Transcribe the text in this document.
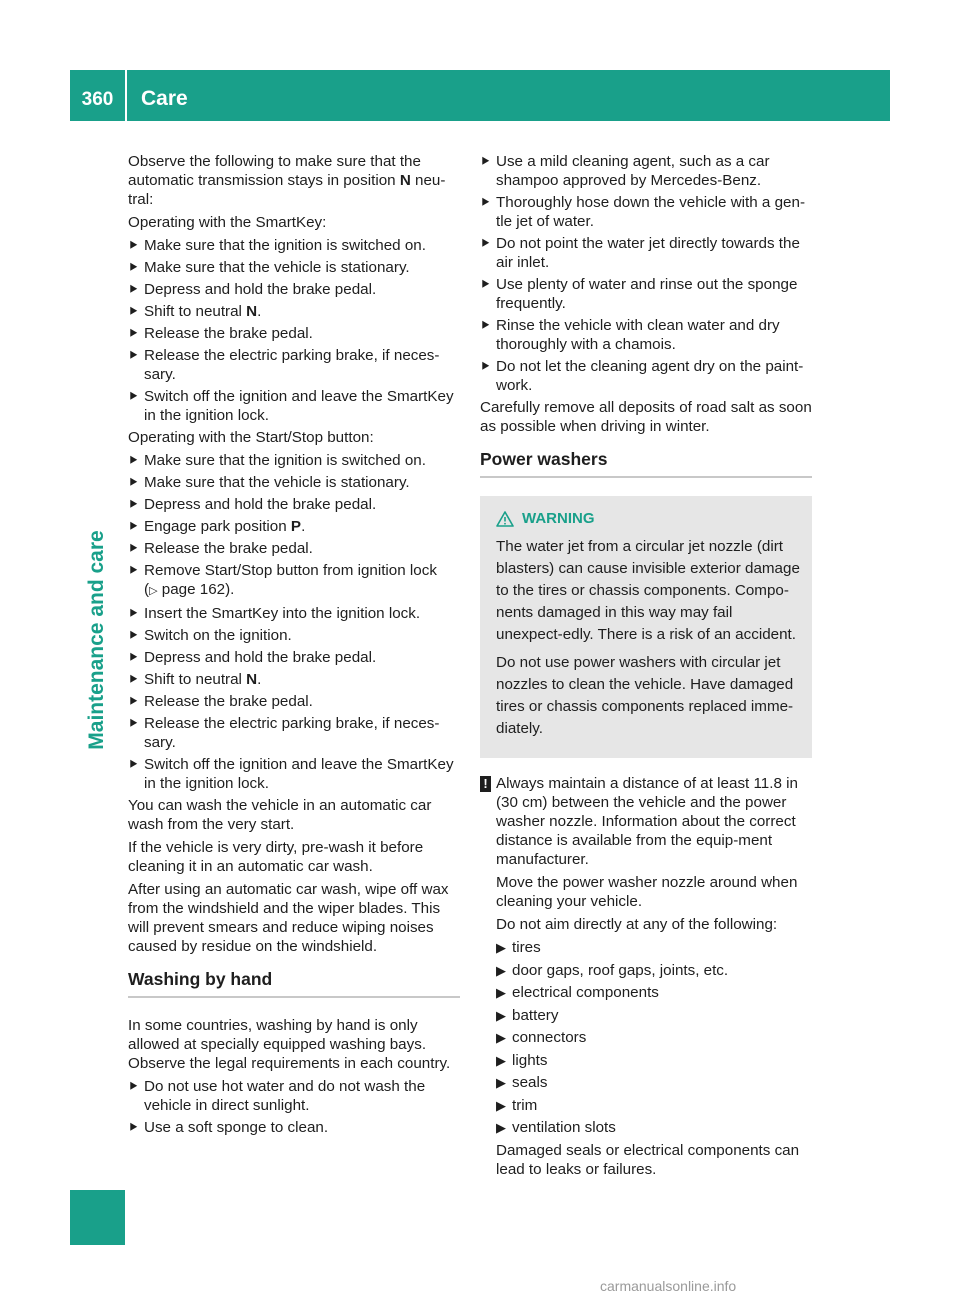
360	Care
Maintenance and care

Observe the following to make sure that the automatic transmission stays in position N neu-tral:

Operating with the SmartKey:

⯈ Make sure that the ignition is switched on.
⯈ Make sure that the vehicle is stationary.
⯈ Depress and hold the brake pedal.
⯈ Shift to neutral N.
⯈ Release the brake pedal.
⯈ Release the electric parking brake, if neces-sary.
⯈ Switch off the ignition and leave the SmartKey in the ignition lock.

Operating with the Start/Stop button:

⯈ Make sure that the ignition is switched on.
⯈ Make sure that the vehicle is stationary.
⯈ Depress and hold the brake pedal.
⯈ Engage park position P.
⯈ Release the brake pedal.
⯈ Remove Start/Stop button from ignition lock
(▷ page 162).
⯈ Insert the SmartKey into the ignition lock.
⯈ Switch on the ignition.
⯈ Depress and hold the brake pedal.
⯈ Shift to neutral N.
⯈ Release the brake pedal.
⯈ Release the electric parking brake, if neces-sary.
⯈ Switch off the ignition and leave the SmartKey in the ignition lock.

You can wash the vehicle in an automatic car wash from the very start.

If the vehicle is very dirty, pre-wash it before cleaning it in an automatic car wash.

After using an automatic car wash, wipe off wax from the windshield and the wiper blades. This will prevent smears and reduce wiping noises caused by residue on the windshield.

Washing by hand

In some countries, washing by hand is only allowed at specially equipped washing bays. Observe the legal requirements in each country.

⯈ Do not use hot water and do not wash the vehicle in direct sunlight.
⯈ Use a soft sponge to clean.
⯈ Use a mild cleaning agent, such as a car shampoo approved by Mercedes-Benz.
⯈ Thoroughly hose down the vehicle with a gen-tle jet of water.
⯈ Do not point the water jet directly towards the air inlet.
⯈ Use plenty of water and rinse out the sponge frequently.
⯈ Rinse the vehicle with clean water and dry thoroughly with a chamois.
⯈ Do not let the cleaning agent dry on the paint-work.

Carefully remove all deposits of road salt as soon as possible when driving in winter.

Power washers
WARNING

The water jet from a circular jet nozzle (dirt blasters) can cause invisible exterior damage to the tires or chassis components. Compo-nents damaged in this way may fail unexpect-edly. There is a risk of an accident.

Do not use power washers with circular jet nozzles to clean the vehicle. Have damaged tires or chassis components replaced imme-diately.

! Always maintain a distance of at least 11.8 in (30 cm) between the vehicle and the power washer nozzle. Information about the correct distance is available from the equip-ment manufacturer.

Move the power washer nozzle around when cleaning your vehicle.

Do not aim directly at any of the following:

▶ tires
▶ door gaps, roof gaps, joints, etc.
▶ electrical components
▶ battery
▶ connectors
▶ lights
▶ seals
▶ trim
▶ ventilation slots

Damaged seals or electrical components can lead to leaks or failures.

carmanualsonline.info
